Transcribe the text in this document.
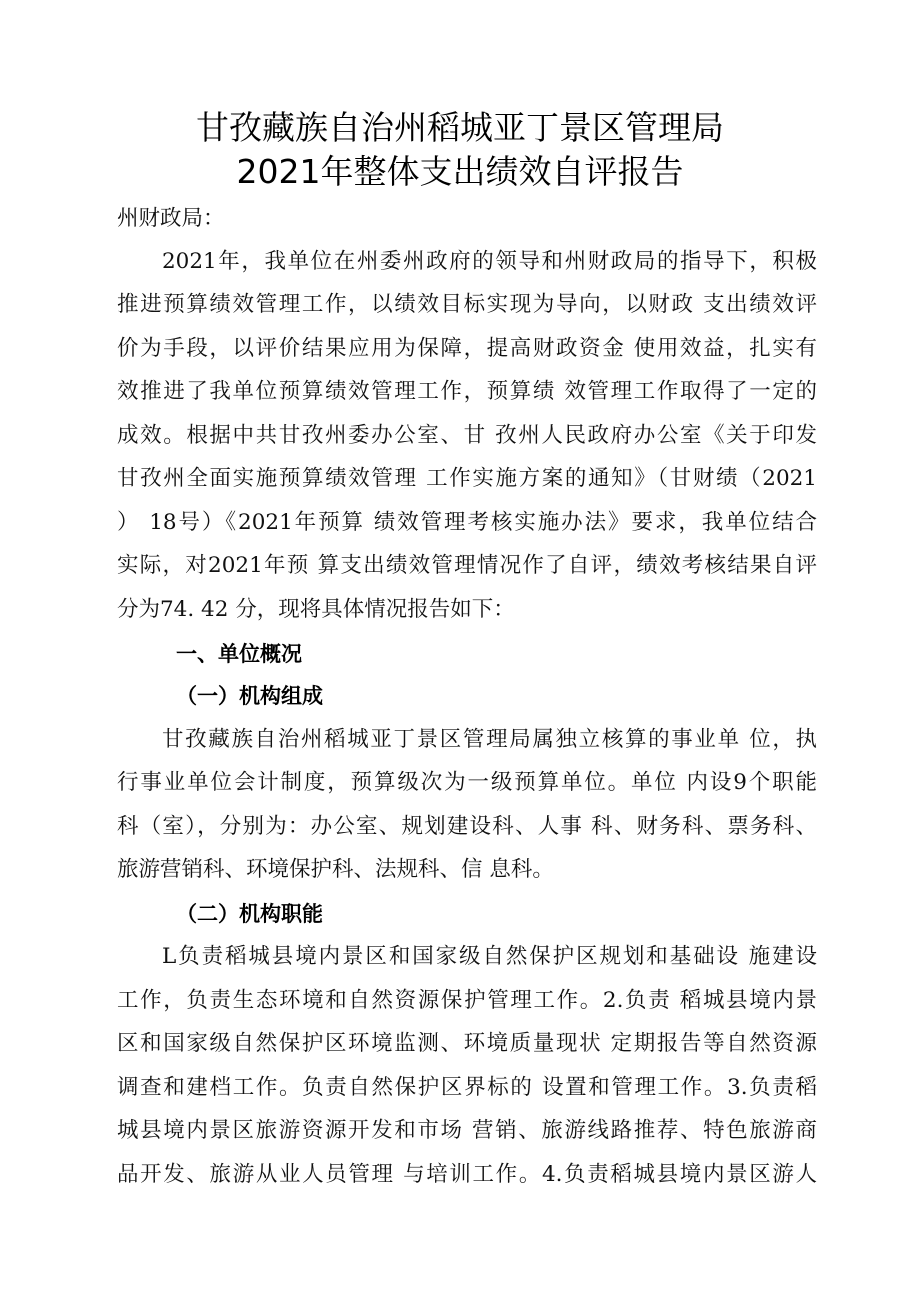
甘孜藏族自治州稻城亚丁景区管理局
2021年整体支出绩效自评报告
州财政局：
2021年，我单位在州委州政府的领导和州财政局的指导下，积极
推进预算绩效管理工作，以绩效目标实现为导向，以财政 支出绩效评
价为手段，以评价结果应用为保障，提高财政资金 使用效益，扎实有
效推进了我单位预算绩效管理工作，预算绩 效管理工作取得了一定的
成效。根据中共甘孜州委办公室、甘 孜州人民政府办公室《关于印发
甘孜州全面实施预算绩效管理 工作实施方案的通知》（甘财绩（2021
） 18号）《2021年预算 绩效管理考核实施办法》要求，我单位结合
实际，对2021年预 算支出绩效管理情况作了自评，绩效考核结果自评
分为74. 42 分，现将具体情况报告如下：
一、单位概况
（一）机构组成
甘孜藏族自治州稻城亚丁景区管理局属独立核算的事业单 位，执
行事业单位会计制度，预算级次为一级预算单位。单位 内设9个职能
科（室），分别为：办公室、规划建设科、人事 科、财务科、票务科、
旅游营销科、环境保护科、法规科、信 息科。
（二）机构职能
L负责稻城县境内景区和国家级自然保护区规划和基础设 施建设
工作，负责生态环境和自然资源保护管理工作。2.负责 稻城县境内景
区和国家级自然保护区环境监测、环境质量现状 定期报告等自然资源
调查和建档工作。负责自然保护区界标的 设置和管理工作。3.负责稻
城县境内景区旅游资源开发和市场 营销、旅游线路推荐、特色旅游商
品开发、旅游从业人员管理 与培训工作。4.负责稻城县境内景区游人
